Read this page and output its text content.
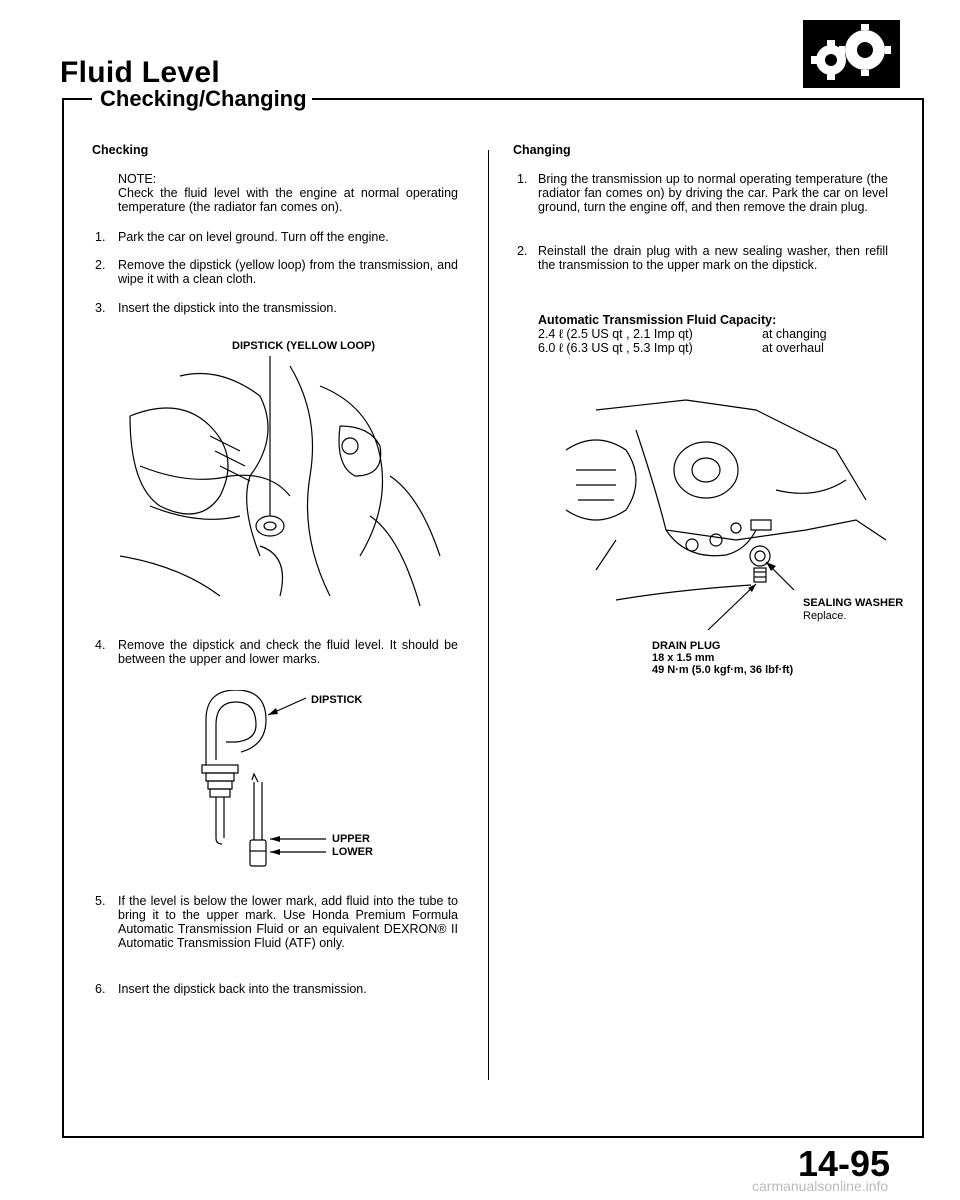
Fluid Level
Checking/Changing
Checking
NOTE:
Check the fluid level with the engine at normal operating temperature (the radiator fan comes on).
1. Park the car on level ground. Turn off the engine.
2. Remove the dipstick (yellow loop) from the transmission, and wipe it with a clean cloth.
3. Insert the dipstick into the transmission.
DIPSTICK (YELLOW LOOP)
4. Remove the dipstick and check the fluid level. It should be between the upper and lower marks.
DIPSTICK
UPPER
LOWER
5. If the level is below the lower mark, add fluid into the tube to bring it to the upper mark. Use Honda Premium Formula Automatic Transmission Fluid or an equivalent DEXRON® II Automatic Transmission Fluid (ATF) only.
6. Insert the dipstick back into the transmission.
Changing
1. Bring the transmission up to normal operating temperature (the radiator fan comes on) by driving the car. Park the car on level ground, turn the engine off, and then remove the drain plug.
2. Reinstall the drain plug with a new sealing washer, then refill the transmission to the upper mark on the dipstick.
Automatic Transmission Fluid Capacity:
2.4 ℓ (2.5 US qt , 2.1 Imp qt)	at changing
6.0 ℓ (6.3 US qt , 5.3 Imp qt)	at overhaul
SEALING WASHER
Replace.
DRAIN PLUG
18 x 1.5 mm
49 N·m (5.0 kgf·m, 36 lbf·ft)
14-95
carmanualsonline.info
